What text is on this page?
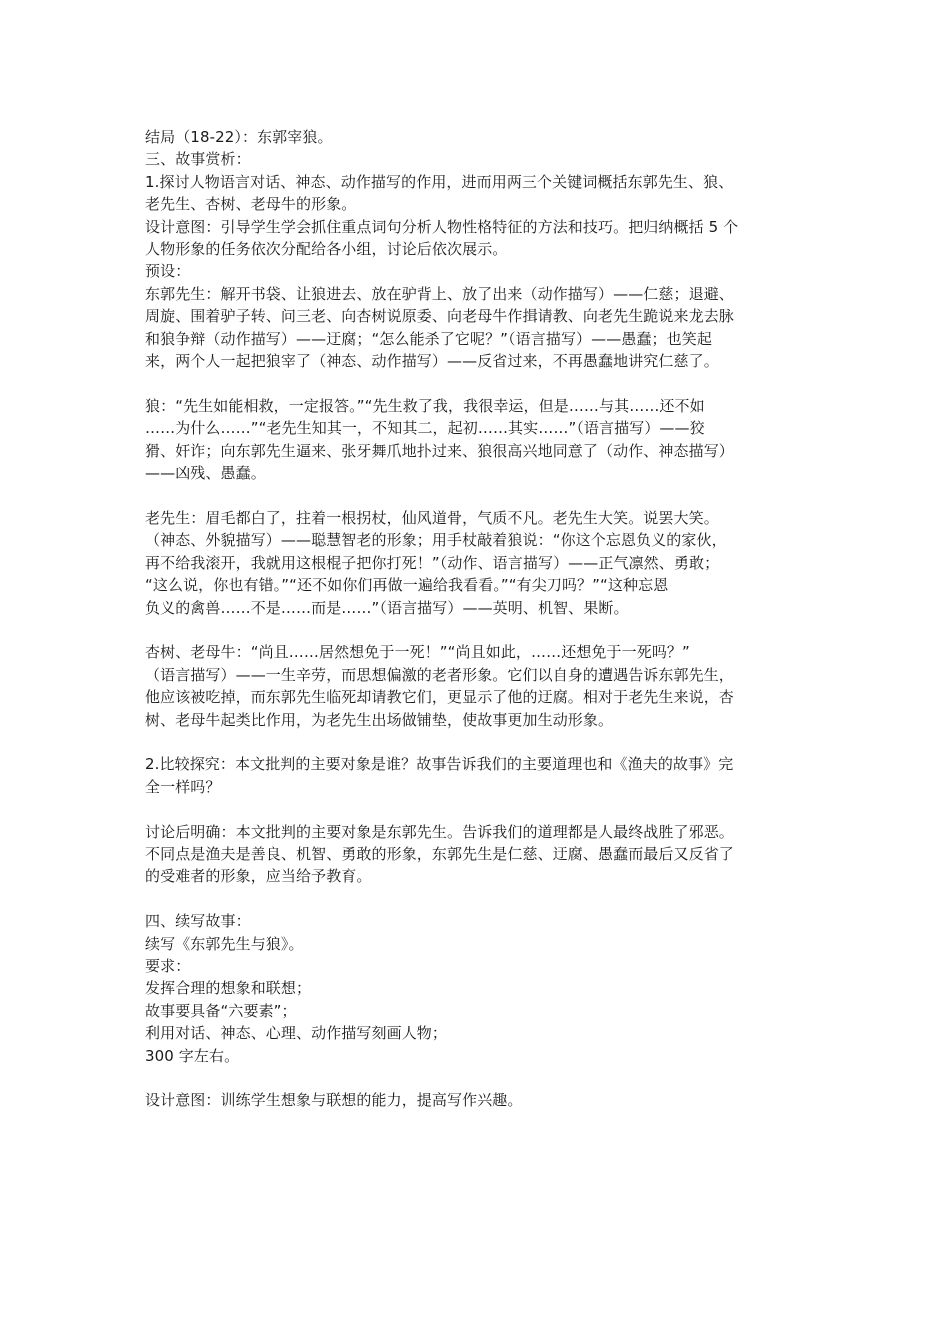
结局（18-22）：东郭宰狼。
三、故事赏析：
1.探讨人物语言对话、神态、动作描写的作用，进而用两三个关键词概括东郭先生、狼、
老先生、杏树、老母牛的形象。
设计意图：引导学生学会抓住重点词句分析人物性格特征的方法和技巧。把归纳概括 5 个
人物形象的任务依次分配给各小组，讨论后依次展示。
预设：
东郭先生：解开书袋、让狼进去、放在驴背上、放了出来（动作描写）——仁慈；退避、
周旋、围着驴子转、问三老、向杏树说原委、向老母牛作揖请教、向老先生跪说来龙去脉
和狼争辩（动作描写）——迂腐；“怎么能杀了它呢？”（语言描写）——愚蠢；也笑起
来，两个人一起把狼宰了（神态、动作描写）——反省过来，不再愚蠢地讲究仁慈了。
狼：“先生如能相救，一定报答。”“先生救了我，我很幸运，但是……与其……还不如
……为什么……”“老先生知其一，不知其二，起初……其实……”（语言描写）——狡
猾、奸诈；向东郭先生逼来、张牙舞爪地扑过来、狼很高兴地同意了（动作、神态描写）
——凶残、愚蠢。
老先生：眉毛都白了，拄着一根拐杖，仙风道骨，气质不凡。老先生大笑。说罢大笑。
（神态、外貌描写）——聪慧智老的形象；用手杖敲着狼说：“你这个忘恩负义的家伙，
再不给我滚开，我就用这根棍子把你打死！”（动作、语言描写）——正气凛然、勇敢；
“这么说，你也有错。”“还不如你们再做一遍给我看看。”“有尖刀吗？”“这种忘恩
负义的禽兽……不是……而是……”（语言描写）——英明、机智、果断。
杏树、老母牛：“尚且……居然想免于一死！”“尚且如此，……还想免于一死吗？”
（语言描写）——一生辛劳，而思想偏激的老者形象。它们以自身的遭遇告诉东郭先生，
他应该被吃掉，而东郭先生临死却请教它们，更显示了他的迂腐。相对于老先生来说，杏
树、老母牛起类比作用，为老先生出场做铺垫，使故事更加生动形象。
2.比较探究：本文批判的主要对象是谁？故事告诉我们的主要道理也和《渔夫的故事》完
全一样吗？
讨论后明确：本文批判的主要对象是东郭先生。告诉我们的道理都是人最终战胜了邪恶。
不同点是渔夫是善良、机智、勇敢的形象，东郭先生是仁慈、迂腐、愚蠢而最后又反省了
的受难者的形象，应当给予教育。
四、续写故事：
续写《东郭先生与狼》。
要求：
发挥合理的想象和联想；
故事要具备“六要素”；
利用对话、神态、心理、动作描写刻画人物；
300 字左右。
设计意图：训练学生想象与联想的能力，提高写作兴趣。
